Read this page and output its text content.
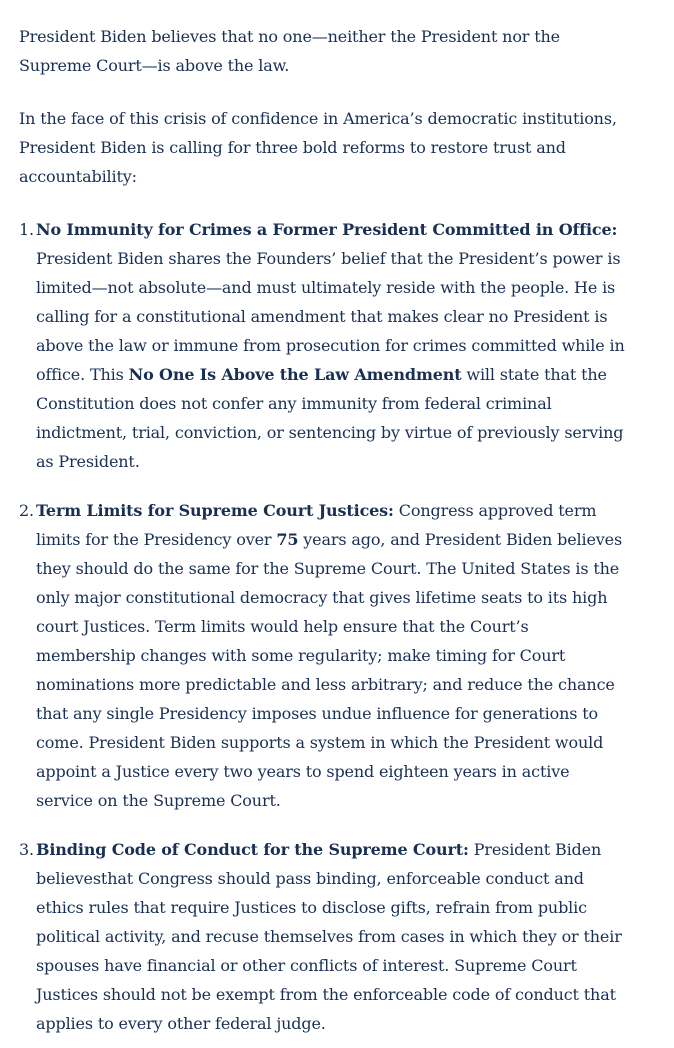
President Biden believes that no one—neither the President nor the Supreme Court—is above the law.

In the face of this crisis of confidence in America’s democratic institutions, President Biden is calling for three bold reforms to restore trust and accountability:

1. No Immunity for Crimes a Former President Committed in Office: President Biden shares the Founders’ belief that the President’s power is limited—not absolute—and must ultimately reside with the people. He is calling for a constitutional amendment that makes clear no President is above the law or immune from prosecution for crimes committed while in office. This No One Is Above the Law Amendment will state that the Constitution does not confer any immunity from federal criminal indictment, trial, conviction, or sentencing by virtue of previously serving as President.
2. Term Limits for Supreme Court Justices: Congress approved term limits for the Presidency over 75 years ago, and President Biden believes they should do the same for the Supreme Court. The United States is the only major constitutional democracy that gives lifetime seats to its high court Justices. Term limits would help ensure that the Court’s membership changes with some regularity; make timing for Court nominations more predictable and less arbitrary; and reduce the chance that any single Presidency imposes undue influence for generations to come. President Biden supports a system in which the President would appoint a Justice every two years to spend eighteen years in active service on the Supreme Court.
3. Binding Code of Conduct for the Supreme Court: President Biden believesthat Congress should pass binding, enforceable conduct and ethics rules that require Justices to disclose gifts, refrain from public political activity, and recuse themselves from cases in which they or their spouses have financial or other conflicts of interest. Supreme Court Justices should not be exempt from the enforceable code of conduct that applies to every other federal judge.
